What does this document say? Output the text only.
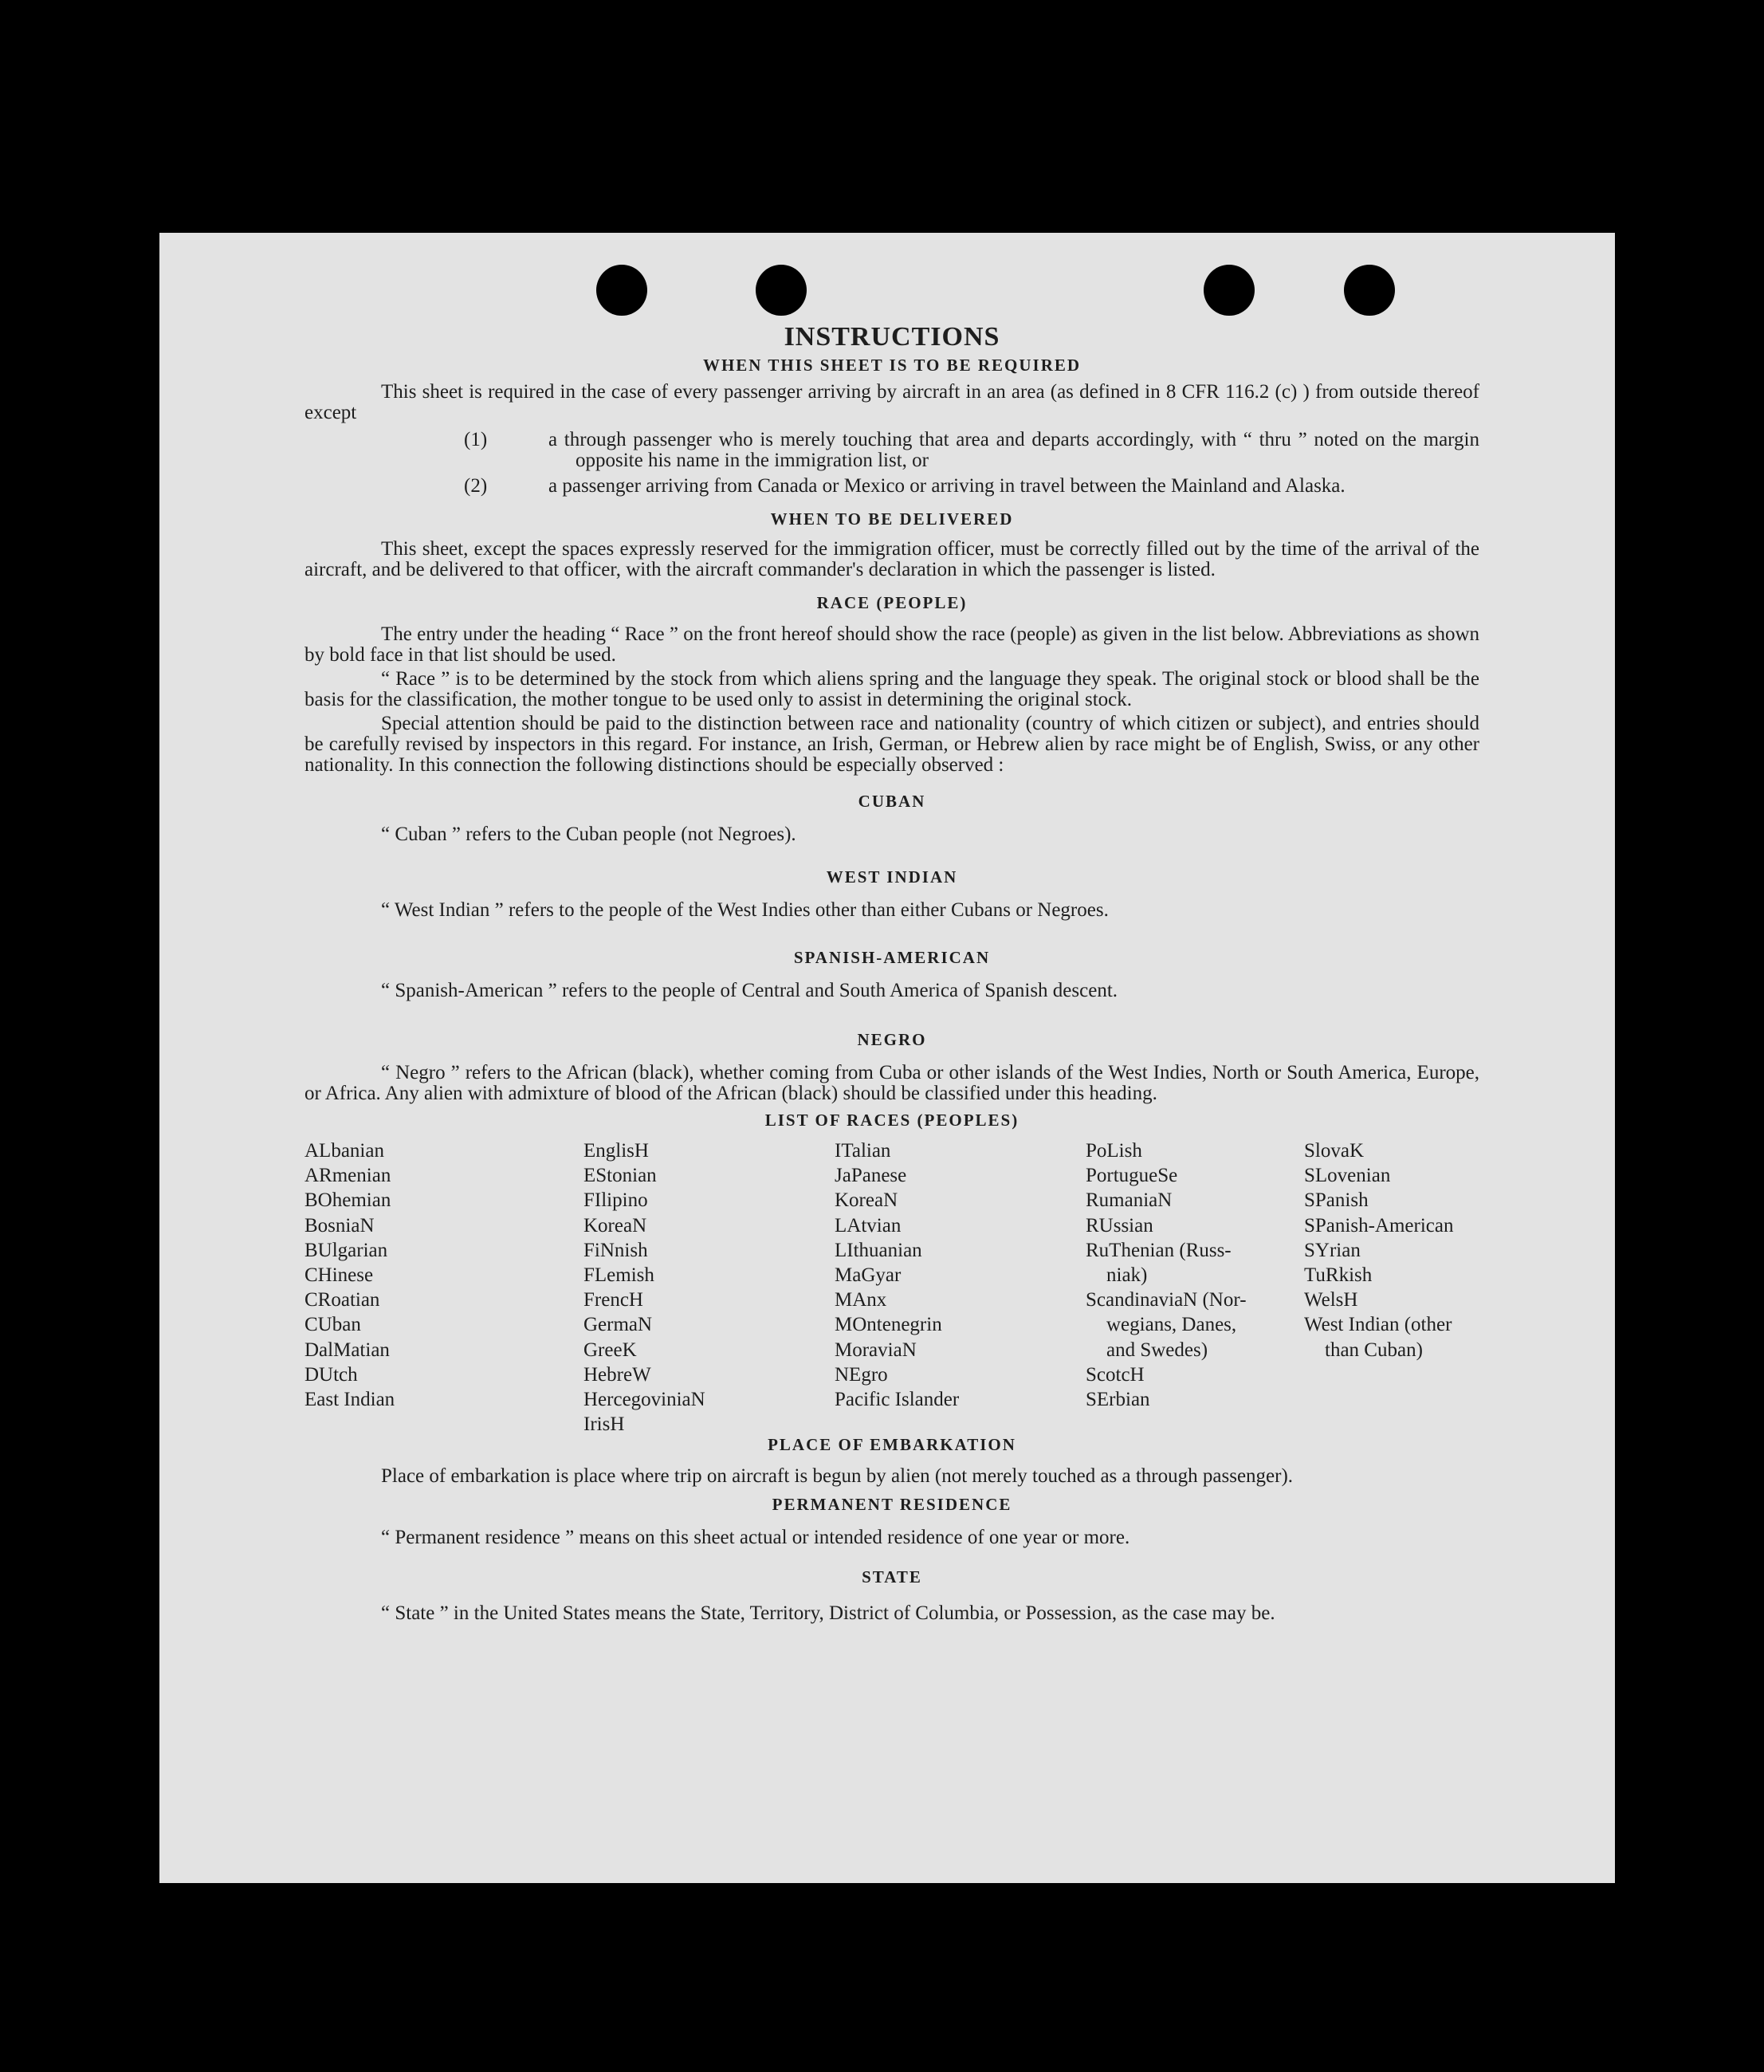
INSTRUCTIONS
WHEN THIS SHEET IS TO BE REQUIRED

This sheet is required in the case of every passenger arriving by aircraft in an area (as defined in 8 CFR 116.2 (c) ) from outside thereof except

(1)	a through passenger who is merely touching that area and departs accordingly, with “ thru ” noted on the margin opposite his name in the immigration list, or

(2)	a passenger arriving from Canada or Mexico or arriving in travel between the Mainland and Alaska.

WHEN TO BE DELIVERED

This sheet, except the spaces expressly reserved for the immigration officer, must be correctly filled out by the time of the arrival of the aircraft, and be delivered to that officer, with the aircraft commander's declaration in which the passenger is listed.

RACE (PEOPLE)

The entry under the heading “ Race ” on the front hereof should show the race (people) as given in the list below. Abbreviations as shown by bold face in that list should be used.

“ Race ” is to be determined by the stock from which aliens spring and the language they speak. The original stock or blood shall be the basis for the classification, the mother tongue to be used only to assist in determining the original stock.

Special attention should be paid to the distinction between race and nationality (country of which citizen or subject), and entries should be carefully revised by inspectors in this regard. For instance, an Irish, German, or Hebrew alien by race might be of English, Swiss, or any other nationality. In this connection the following distinctions should be especially observed :

CUBAN

“ Cuban ” refers to the Cuban people (not Negroes).

WEST INDIAN

“ West Indian ” refers to the people of the West Indies other than either Cubans or Negroes.

SPANISH-AMERICAN

“ Spanish-American ” refers to the people of Central and South America of Spanish descent.

NEGRO

“ Negro ” refers to the African (black), whether coming from Cuba or other islands of the West Indies, North or South America, Europe, or Africa. Any alien with admixture of blood of the African (black) should be classified under this heading.

LIST OF RACES (PEOPLES)
ALbanian
ARmenian
BOhemian
BosniaN
BUlgarian
CHinese
CRoatian
CUban
DalMatian
DUtch
East Indian
EnglisH
EStonian
FIlipino
KoreaN
FiNnish
FLemish
FrencH
GermaN
GreeK
HebreW
HercegoviniaN
IrisH
ITalian
JaPanese
KoreaN
LAtvian
LIthuanian
MaGyar
MAnx
MOntenegrin
MoraviaN
NEgro
Pacific Islander
PoLish
PortugueSe
RumaniaN
RUssian
RuThenian (Russ-
niak)
ScandinaviaN (Nor-
wegians, Danes,
and Swedes)
ScotcH
SErbian
SlovaK
SLovenian
SPanish
SPanish-American
SYrian
TuRkish
WelsH
West Indian (other
than Cuban)
PLACE OF EMBARKATION

Place of embarkation is place where trip on aircraft is begun by alien (not merely touched as a through passenger).

PERMANENT RESIDENCE

“ Permanent residence ” means on this sheet actual or intended residence of one year or more.

STATE

“ State ” in the United States means the State, Territory, District of Columbia, or Possession, as the case may be.
